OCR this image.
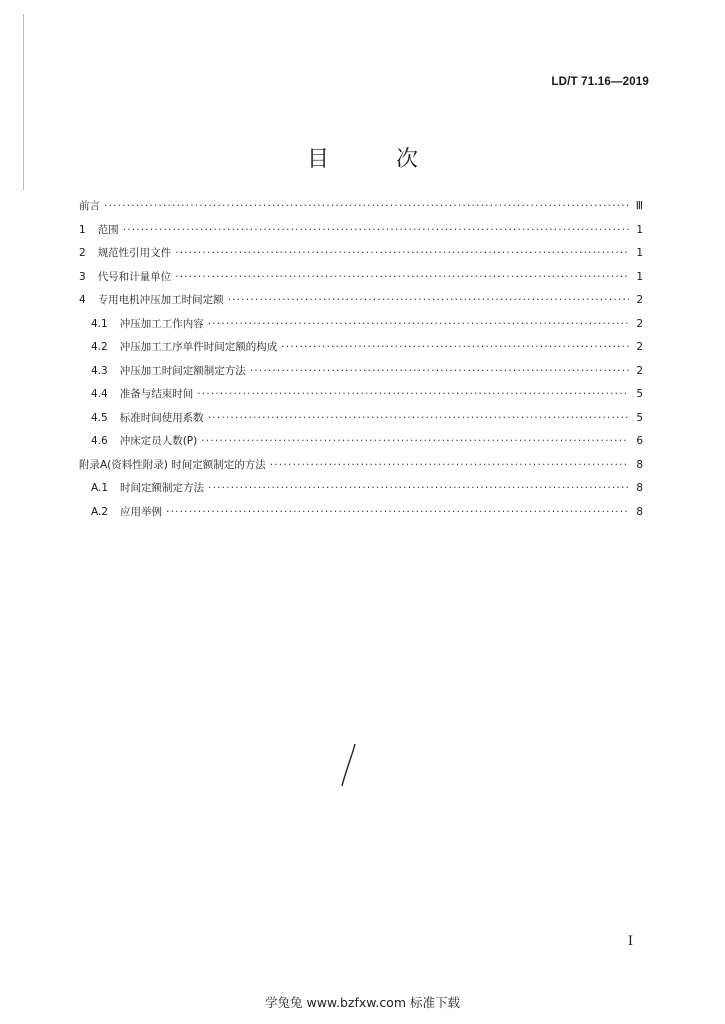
LD/T 71.16—2019
目 次
前言 ·····	Ⅲ
1 范围 ·····	1
2 规范性引用文件 ·····	1
3 代号和计量单位 ·····	1
4 专用电机冲压加工时间定额 ·····	2
4.1 冲压加工工作内容 ·····	2
4.2 冲压加工工序单件时间定额的构成 ·····	2
4.3 冲压加工时间定额制定方法 ·····	2
4.4 准备与结束时间 ·····	5
4.5 标准时间使用系数 ·····	5
4.6 冲床定员人数(P) ·····	6
附录A(资料性附录) 时间定额制定的方法 ·····	8
A.1 时间定额制定方法 ·····	8
A.2 应用举例 ·····	8
I
学兔兔 www.bzfxw.com 标准下载
